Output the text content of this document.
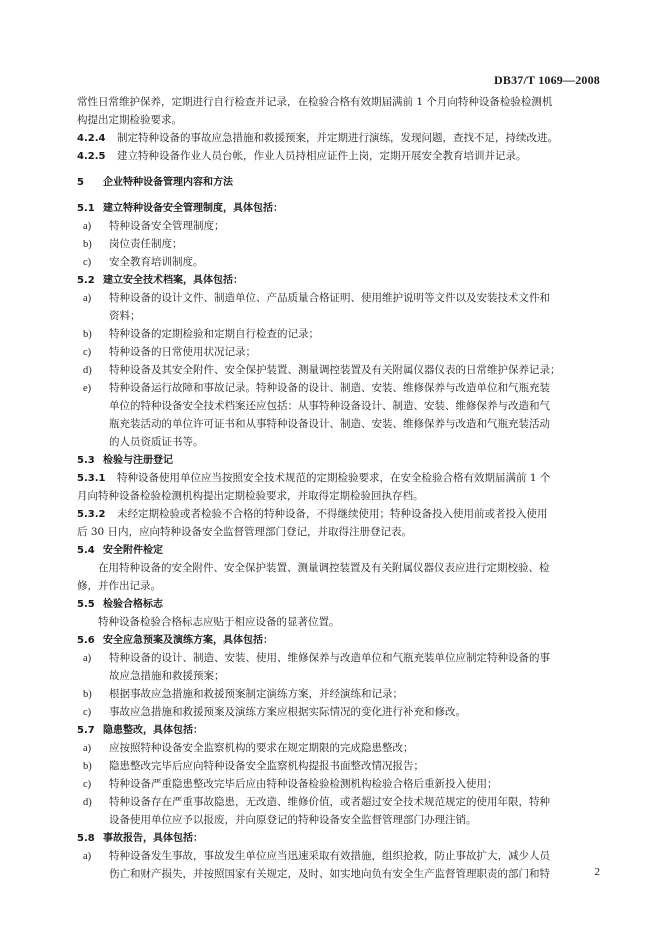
DB37/T 1069—2008
常性日常维护保养，定期进行自行检查并记录，在检验合格有效期届满前 1 个月向特种设备检验检测机
构提出定期检验要求。
4.2.4 制定特种设备的事故应急措施和救援预案，并定期进行演练，发现问题，查找不足，持续改进。
4.2.5 建立特种设备作业人员台帐，作业人员持相应证件上岗，定期开展安全教育培训并记录。
5 企业特种设备管理内容和方法
5.1 建立特种设备安全管理制度，具体包括：
a) 特种设备安全管理制度；
b) 岗位责任制度；
c) 安全教育培训制度。
5.2 建立安全技术档案，具体包括：
a) 特种设备的设计文件、制造单位、产品质量合格证明、使用维护说明等文件以及安装技术文件和
资料；
b) 特种设备的定期检验和定期自行检查的记录；
c) 特种设备的日常使用状况记录；
d) 特种设备及其安全附件、安全保护装置、测量调控装置及有关附属仪器仪表的日常维护保养记录；
e) 特种设备运行故障和事故记录。特种设备的设计、制造、安装、维修保养与改造单位和气瓶充装
单位的特种设备安全技术档案还应包括：从事特种设备设计、制造、安装、维修保养与改造和气
瓶充装活动的单位许可证书和从事特种设备设计、制造、安装、维修保养与改造和气瓶充装活动
的人员资质证书等。
5.3 检验与注册登记
5.3.1 特种设备使用单位应当按照安全技术规范的定期检验要求，在安全检验合格有效期届满前 1 个
月向特种设备检验检测机构提出定期检验要求，并取得定期检验回执存档。
5.3.2 未经定期检验或者检验不合格的特种设备，不得继续使用；特种设备投入使用前或者投入使用
后 30 日内，应向特种设备安全监督管理部门登记，并取得注册登记表。
5.4 安全附件检定
在用特种设备的安全附件、安全保护装置、测量调控装置及有关附属仪器仪表应进行定期校验、检
修，并作出记录。
5.5 检验合格标志
特种设备检验合格标志应贴于相应设备的显著位置。
5.6 安全应急预案及演练方案，具体包括：
a) 特种设备的设计、制造、安装、使用、维修保养与改造单位和气瓶充装单位应制定特种设备的事
故应急措施和救援预案；
b) 根据事故应急措施和救援预案制定演练方案，并经演练和记录；
c) 事故应急措施和救援预案及演练方案应根据实际情况的变化进行补充和修改。
5.7 隐患整改，具体包括：
a) 应按照特种设备安全监察机构的要求在规定期限的完成隐患整改；
b) 隐患整改完毕后应向特种设备安全监察机构提报书面整改情况报告；
c) 特种设备严重隐患整改完毕后应由特种设备检验检测机构检验合格后重新投入使用；
d) 特种设备存在严重事故隐患，无改造、维修价值，或者超过安全技术规范规定的使用年限，特种
设备使用单位应予以报废，并向原登记的特种设备安全监督管理部门办理注销。
5.8 事故报告，具体包括：
a) 特种设备发生事故，事故发生单位应当迅速采取有效措施，组织抢救，防止事故扩大，减少人员
伤亡和财产损失，并按照国家有关规定，及时、如实地向负有安全生产监督管理职责的部门和特	2
